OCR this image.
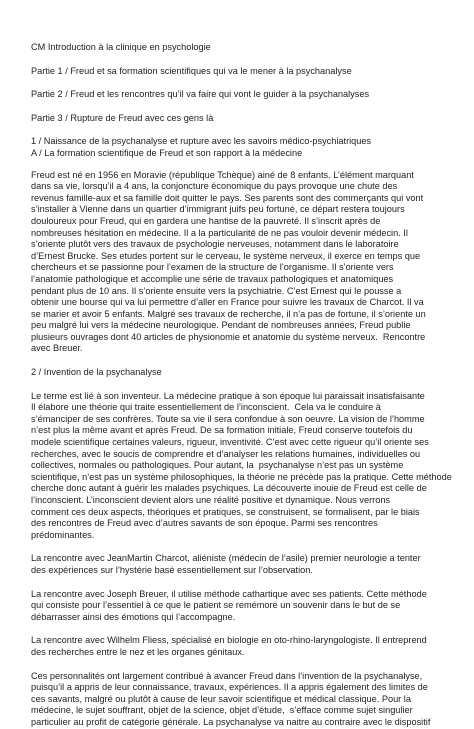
CM Introduction à la clinique en psychologie
Partie 1 / Freud et sa formation scientifiques qui va le mener à la psychanalyse
Partie 2 / Freud et les rencontres qu’il va faire qui vont le guider à la psychanalyses
Partie 3 / Rupture de Freud avec ces gens là
1 / Naissance de la psychanalyse et rupture avec les savoirs médico-psychiatriques
A / La formation scientifique de Freud et son rapport à la médecine
Freud est né en 1956 en Moravie (république Tchèque) ainé de 8 enfants. L’élément marquant
dans sa vie, lorsqu’il a 4 ans, la conjoncture économique du pays provoque une chute des
revenus famille-aux et sa famille doit quitter le pays. Ses parents sont des commerçants qui vont
s’installer à Vienne dans un quartier d’immigrant juifs peu fortuné, ce départ restera toujours
douloureux pour Freud, qui en gardera une hantise de la pauvreté. Il s’inscrit après de
nombreuses hésitation en médecine. Il a la particularité de ne pas vouloir devenir médecin. Il
s’oriente plutôt vers des travaux de psychologie nerveuses, notamment dans le laboratoire
d’Ernest Brucke. Ses etudes portent sur le cerveau, le système nerveux, il exerce en temps que
chercheurs et se passionne pour l’examen de la structure de l’organisme. Il s’oriente vers
l’anatomie pathologique et accomplie une série de travaux pathologiques et anatomiques
pendant plus de 10 ans. Il s’oriente ensuite vers la psychiatrie. C’est Ernest qui le pousse a
obtenir une bourse qui va lui permettre d’aller en France pour suivre les travaux de Charcot. Il va
se marier et avoir 5 enfants. Malgré ses travaux de recherche, il n’a pas de fortune, il s’oriente un
peu malgré lui vers la médecine neurologique. Pendant de nombreuses années, Freud publie
plusieurs ouvrages dont 40 articles de physionomie et anatomie du système nerveux.  Rencontre
avec Breuer.
2 / Invention de la psychanalyse
Le terme est lié à son inventeur. La médecine pratique à son époque lui paraissait insatisfaisante
Il élabore une théorie qui traite essentiellement de l’inconscient.  Cela va le conduire à
s’émanciper de ses confrères. Toute sa vie il sera confondue à son oeuvre. La vision de l’homme
n’est plus la même avant et après Freud. De sa formation initiale, Freud conserve toutefois du
modele scientifique certaines valeurs, rigueur, inventivité. C’est avec cette rigueur qu’il oriente ses
recherches, avec le soucis de comprendre et d’analyser les relations humaines, individuelles ou
collectives, normales ou pathologiques. Pour autant, la  psychanalyse n’est pas un système
scientifique, n’est pas un système philosophiques, la théorie ne précède pas la pratique. Cette méthode
cherche donc autant à guérir les malades psychiques. La découverte inouie de Freud est celle de
l’inconscient. L’inconscient devient alors une réalité positive et dynamique. Nous verrons
comment ces deux aspects, théoriques et pratiques, se construisent, se formalisent, par le biais
des rencontres de Freud avec d’autres savants de son époque. Parmi ses rencontres
prédominantes.
La rencontre avec JeanMartin Charcot, aliéniste (médecin de l’asile) premier neurologie a tenter
des expériences sur l’hystérie basé essentiellement sur l’observation.
La rencontre avec Joseph Breuer, il utilise méthode cathartique avec ses patients. Cette méthode
qui consiste pour l’essentiel à ce que le patient se remémore un souvenir dans le but de se
débarrasser ainsi des émotions qui l’accompagne.
La rencontre avec Wilhelm Fliess, spécialisé en biologie en oto-rhino-laryngologiste. Il entreprend
des recherches entre le nez et les organes génitaux.
Ces personnalités ont largement contribué à avancer Freud dans l’invention de la psychanalyse,
puisqu’il a appris de leur connaissance, travaux, expériences. Il a appris également des limites de
ces savants, malgré ou plutôt à cause de leur savoir scientifique et médical classique. Pour la
médecine, le sujet souffrant, objet de la science, objet d’étude,  s’efface comme sujet singulier
particulier au profit de catégorie générale. La psychanalyse va naitre au contraire avec le dispositif
